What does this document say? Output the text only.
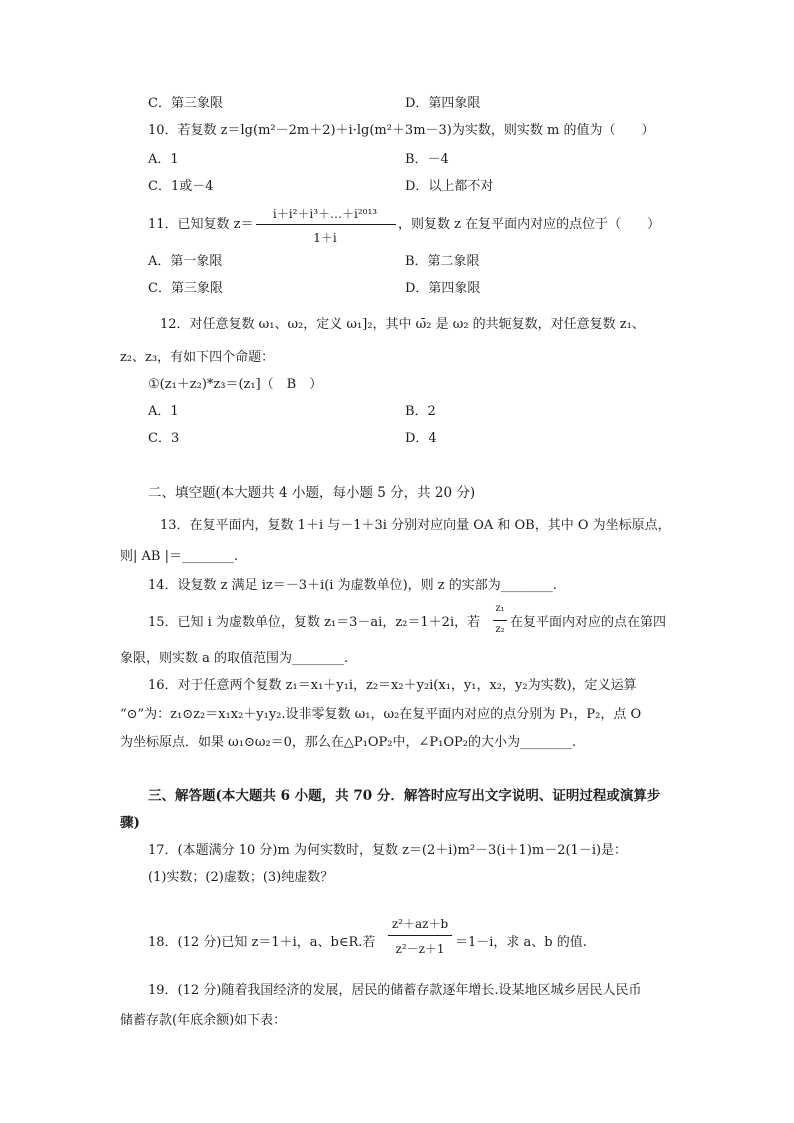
C．第三象限	D．第四象限
10．若复数 z＝lg(m²－2m＋2)＋i·lg(m²＋3m－3)为实数，则实数 m 的值为（　　）
A．1	B．－4
C．1或－4	D．以上都不对
11．已知复数 z＝
i＋i²＋i³＋…＋i²⁰¹³
1＋i
，则复数 z 在复平面内对应的点位于（　　）
A．第一象限	B．第二象限
C．第三象限	D．第四象限
12．对任意复数 ω₁、ω₂，定义 ω₁]₂，其中 ω̄₂ 是 ω₂ 的共轭复数，对任意复数 z₁、
z₂、z₃，有如下四个命题：
①(z₁＋z₂)*z₃＝(z₁]（　B　）
A．1	B．2
C．3	D．4
二、填空题(本大题共 4 小题，每小题 5 分，共 20 分)
13．在复平面内，复数 1＋i 与－1＋3i 分别对应向量 OA 和 OB，其中 O 为坐标原点，
则| AB |＝________.
14．设复数 z 满足 iz＝－3＋i(i 为虚数单位)，则 z 的实部为________.
15．已知 i 为虚数单位，复数 z₁＝3－ai，z₂＝1＋2i，若
z₁
z₂ 在复平面内对应的点在第四
象限，则实数 a 的取值范围为________.
16．对于任意两个复数 z₁＝x₁＋y₁i，z₂＝x₂＋y₂i(x₁，y₁，x₂，y₂为实数)，定义运算
“⊙”为：z₁⊙z₂＝x₁x₂＋y₁y₂.设非零复数 ω₁，ω₂在复平面内对应的点分别为 P₁，P₂，点 O
为坐标原点．如果 ω₁⊙ω₂＝0，那么在△P₁OP₂中，∠P₁OP₂的大小为________.
三、解答题(本大题共 6 小题，共 70 分．解答时应写出文字说明、证明过程或演算步
骤)
17．(本题满分 10 分)m 为何实数时，复数 z＝(2＋i)m²－3(i＋1)m－2(1－i)是：
(1)实数；(2)虚数；(3)纯虚数？
18．(12 分)已知 z＝1＋i，a、b∈R.若
z²＋az＋b
z²－z＋1 ＝1－i，求 a、b 的值.
19．(12 分)随着我国经济的发展，居民的储蓄存款逐年增长.设某地区城乡居民人民币
储蓄存款(年底余额)如下表：
